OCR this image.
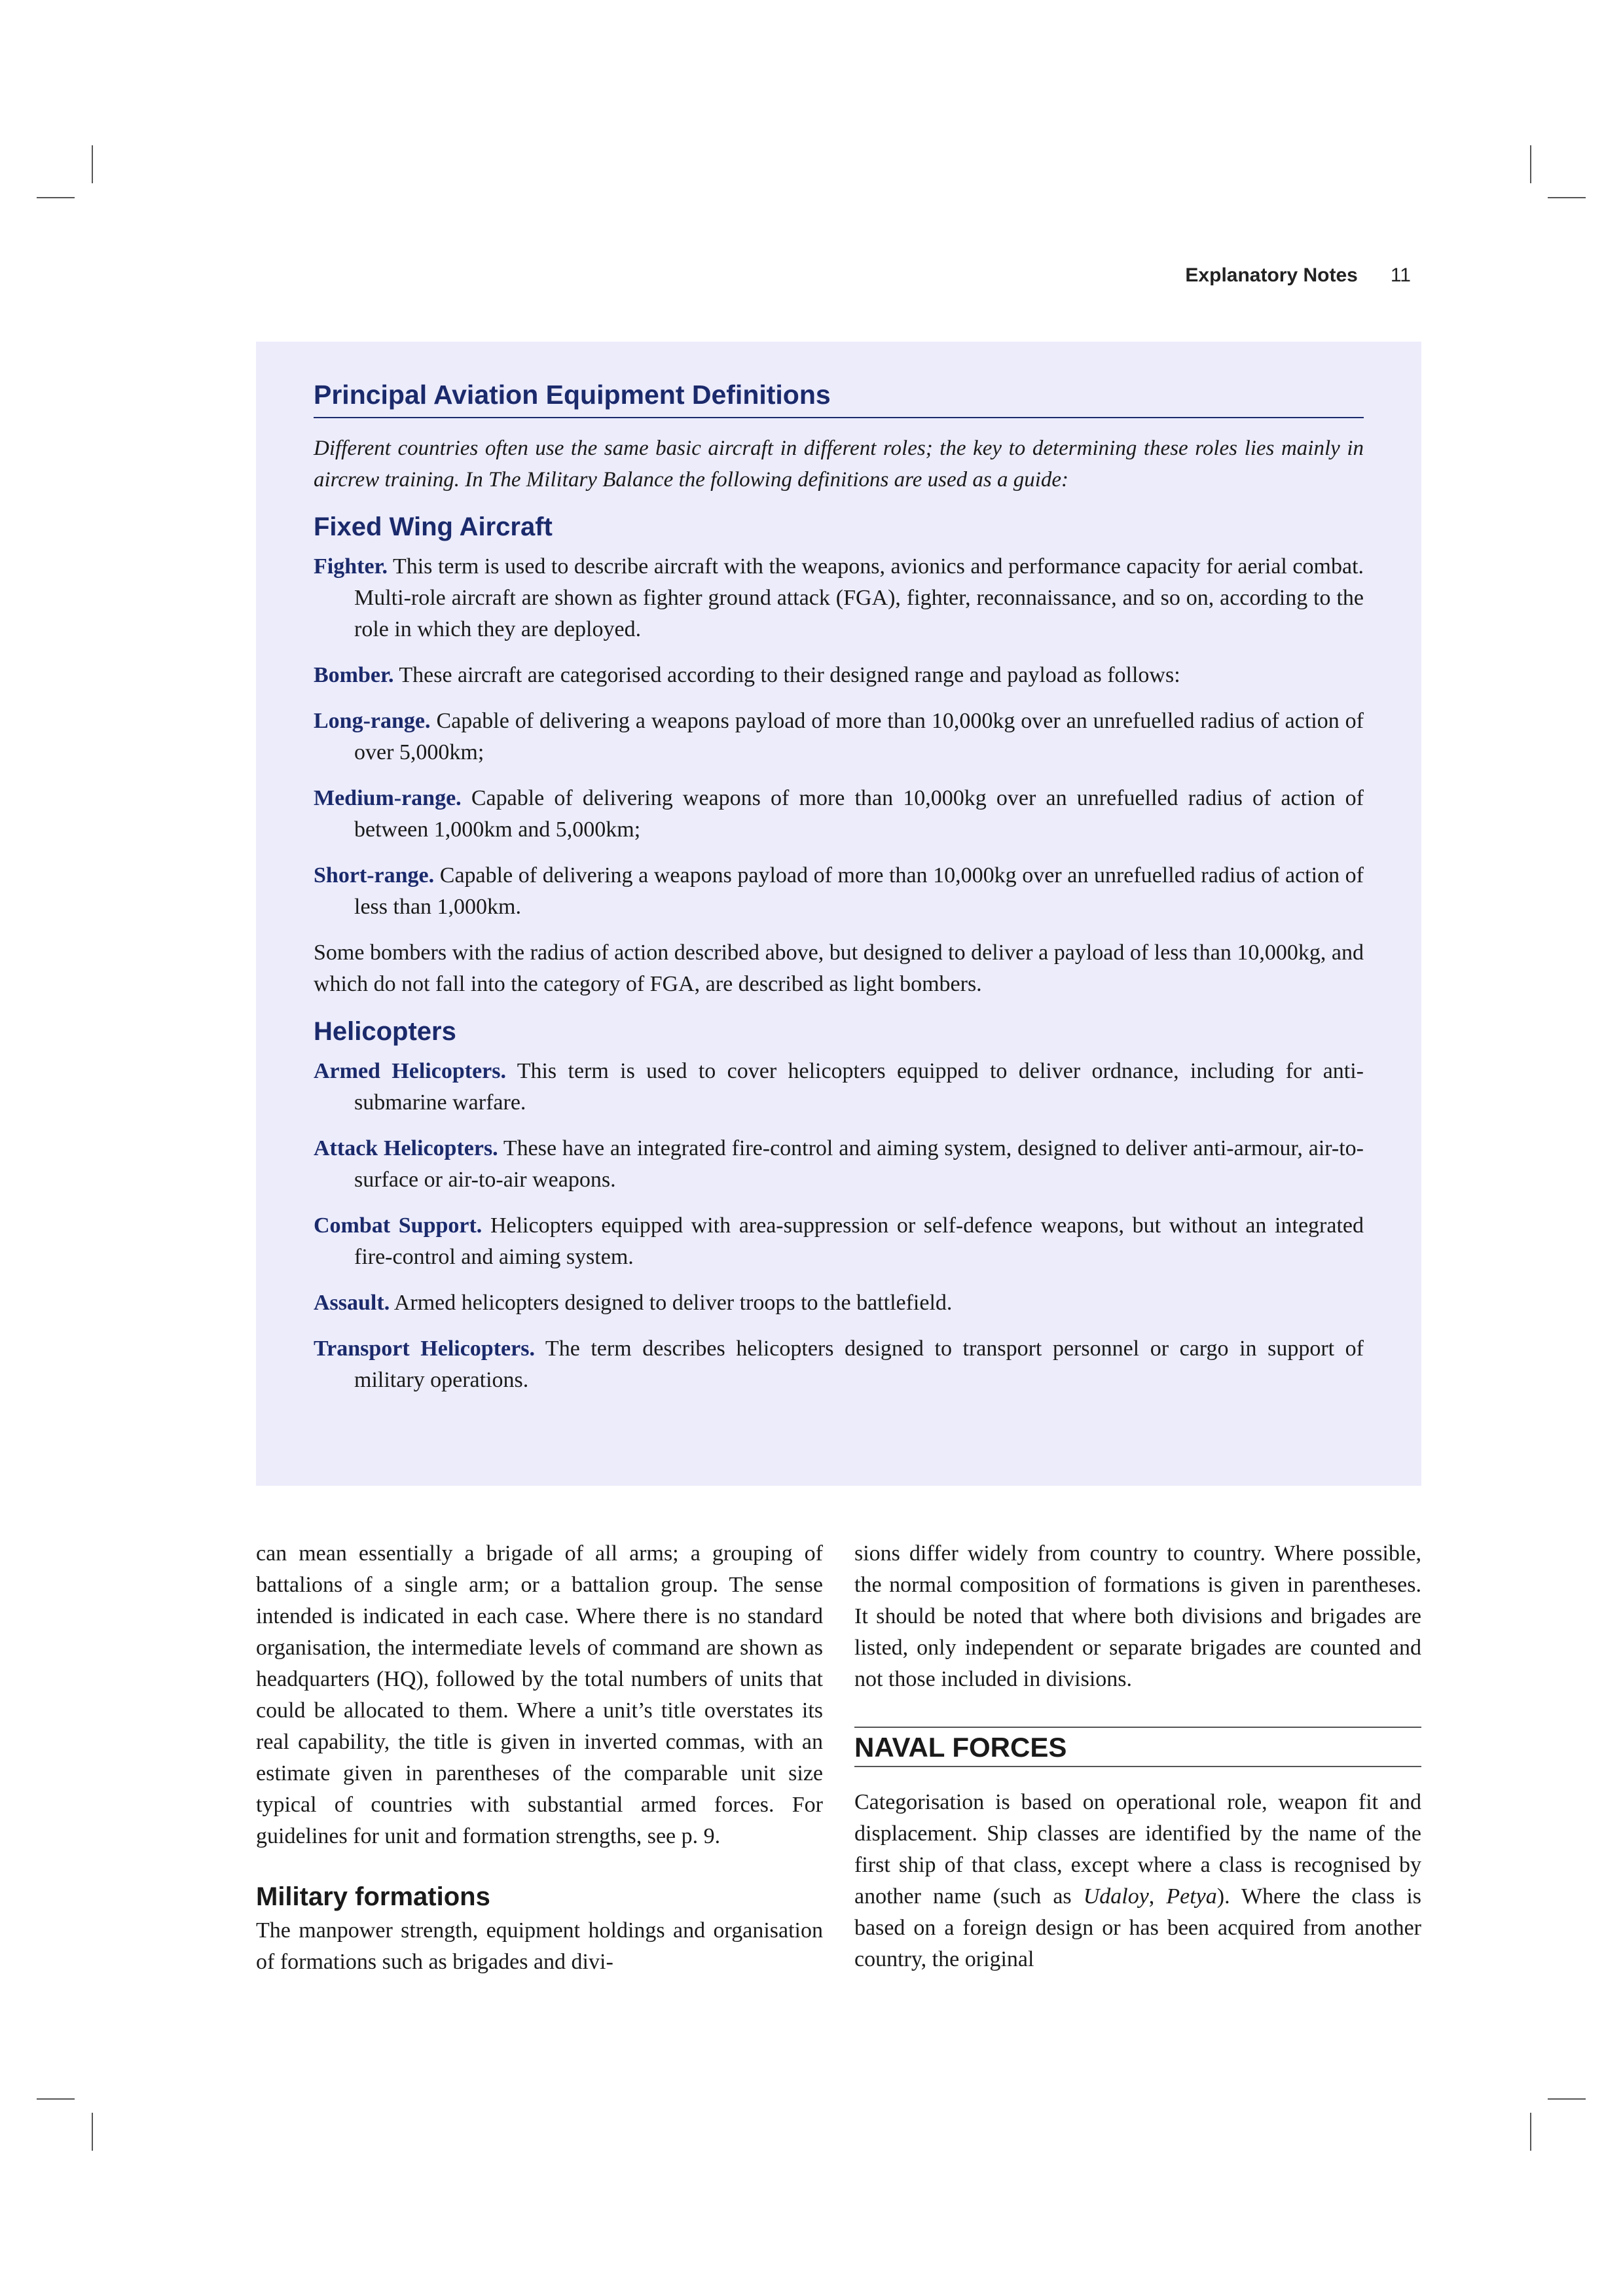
Explanatory Notes 11
Principal Aviation Equipment Definitions

Different countries often use the same basic aircraft in different roles; the key to determining these roles lies mainly in aircrew training. In The Military Balance the following definitions are used as a guide:

Fixed Wing Aircraft

Fighter. This term is used to describe aircraft with the weapons, avionics and performance capacity for aerial combat. Multi-role aircraft are shown as fighter ground attack (FGA), fighter, reconnaissance, and so on, according to the role in which they are deployed.

Bomber. These aircraft are categorised according to their designed range and payload as follows:

Long-range. Capable of delivering a weapons payload of more than 10,000kg over an unrefuelled radius of action of over 5,000km;

Medium-range. Capable of delivering weapons of more than 10,000kg over an unrefuelled radius of action of between 1,000km and 5,000km;

Short-range. Capable of delivering a weapons payload of more than 10,000kg over an unrefuelled radius of action of less than 1,000km.

Some bombers with the radius of action described above, but designed to deliver a payload of less than 10,000kg, and which do not fall into the category of FGA, are described as light bombers.

Helicopters

Armed Helicopters. This term is used to cover helicopters equipped to deliver ordnance, including for anti-submarine warfare.

Attack Helicopters. These have an integrated fire-control and aiming system, designed to deliver anti-armour, air-to-surface or air-to-air weapons.

Combat Support. Helicopters equipped with area-suppression or self-defence weapons, but without an integrated fire-control and aiming system.

Assault. Armed helicopters designed to deliver troops to the battlefield.

Transport Helicopters. The term describes helicopters designed to transport personnel or cargo in support of military operations.

can mean essentially a brigade of all arms; a grouping of battalions of a single arm; or a battalion group. The sense intended is indicated in each case. Where there is no standard organisation, the intermediate levels of command are shown as headquarters (HQ), followed by the total numbers of units that could be allocated to them. Where a unit’s title overstates its real capability, the title is given in inverted commas, with an estimate given in parentheses of the comparable unit size typical of countries with substantial armed forces. For guidelines for unit and formation strengths, see p. 9.

Military formations

The manpower strength, equipment holdings and organisation of formations such as brigades and divi-

sions differ widely from country to country. Where possible, the normal composition of formations is given in parentheses. It should be noted that where both divisions and brigades are listed, only independent or separate brigades are counted and not those included in divisions.

NAVAL FORCES

Categorisation is based on operational role, weapon fit and displacement. Ship classes are identified by the name of the first ship of that class, except where a class is recognised by another name (such as Udaloy, Petya). Where the class is based on a foreign design or has been acquired from another country, the original
